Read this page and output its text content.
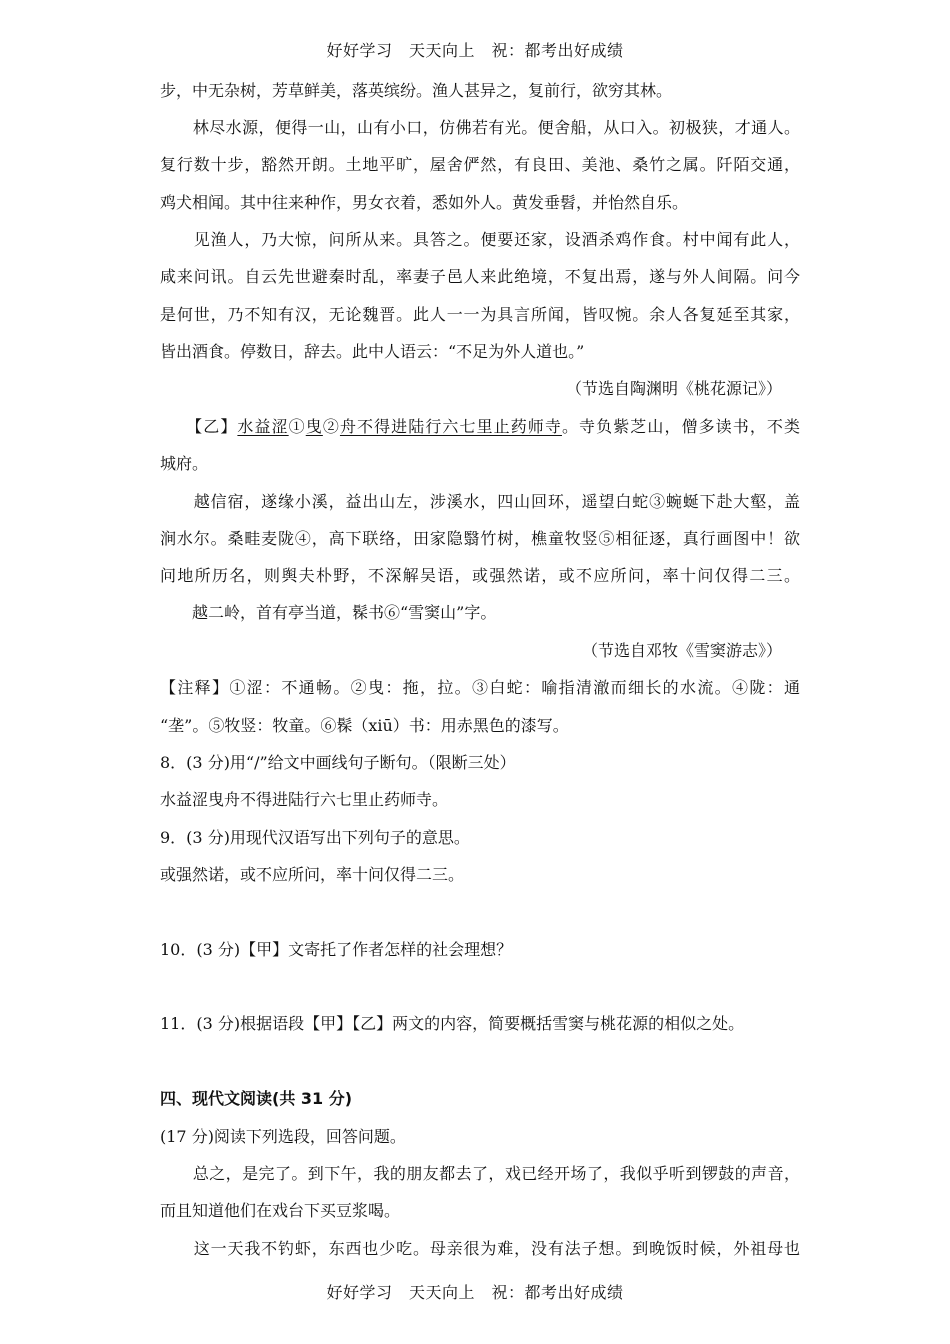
好好学习　天天向上　祝：都考出好成绩
步，中无杂树，芳草鲜美，落英缤纷。渔人甚异之，复前行，欲穷其林。
　　林尽水源，便得一山，山有小口，仿佛若有光。便舍船，从口入。初极狭，才通人。
复行数十步，豁然开朗。土地平旷，屋舍俨然，有良田、美池、桑竹之属。阡陌交通，
鸡犬相闻。其中往来种作，男女衣着，悉如外人。黄发垂髫，并怡然自乐。
　　见渔人，乃大惊，问所从来。具答之。便要还家，设酒杀鸡作食。村中闻有此人，
咸来问讯。自云先世避秦时乱，率妻子邑人来此绝境，不复出焉，遂与外人间隔。问今
是何世，乃不知有汉，无论魏晋。此人一一为具言所闻，皆叹惋。余人各复延至其家，
皆出酒食。停数日，辞去。此中人语云：“不足为外人道也。”
（节选自陶渊明《桃花源记》）
　　【乙】水益涩①曳②舟不得进陆行六七里止药师寺。寺负紫芝山，僧多读书，不类
城府。
　　越信宿，遂缘小溪，益出山左，涉溪水，四山回环，遥望白蛇③蜿蜒下赴大壑，盖
涧水尔。桑畦麦陇④，高下联络，田家隐翳竹树，樵童牧竖⑤相征逐，真行画图中！欲
问地所历名，则舆夫朴野，不深解吴语，或强然诺，或不应所问，率十问仅得二三。
　　越二岭，首有亭当道，髹书⑥“雪窦山”字。
（节选自邓牧《雪窦游志》）
【注释】①涩：不通畅。②曳：拖，拉。③白蛇：喻指清澈而细长的水流。④陇：通
“垄”。⑤牧竖：牧童。⑥髹（xiū）书：用赤黑色的漆写。
8．(3 分)用“/”给文中画线句子断句。（限断三处）
水益涩曳舟不得进陆行六七里止药师寺。
9．(3 分)用现代汉语写出下列句子的意思。
或强然诺，或不应所问，率十问仅得二三。
10．(3 分)【甲】文寄托了作者怎样的社会理想？
11．(3 分)根据语段【甲】【乙】两文的内容，简要概括雪窦与桃花源的相似之处。
四、现代文阅读(共 31 分)
(17 分)阅读下列选段，回答问题。
　　总之，是完了。到下午，我的朋友都去了，戏已经开场了，我似乎听到锣鼓的声音，
而且知道他们在戏台下买豆浆喝。
　　这一天我不钓虾，东西也少吃。母亲很为难，没有法子想。到晚饭时候，外祖母也
好好学习　天天向上　祝：都考出好成绩
